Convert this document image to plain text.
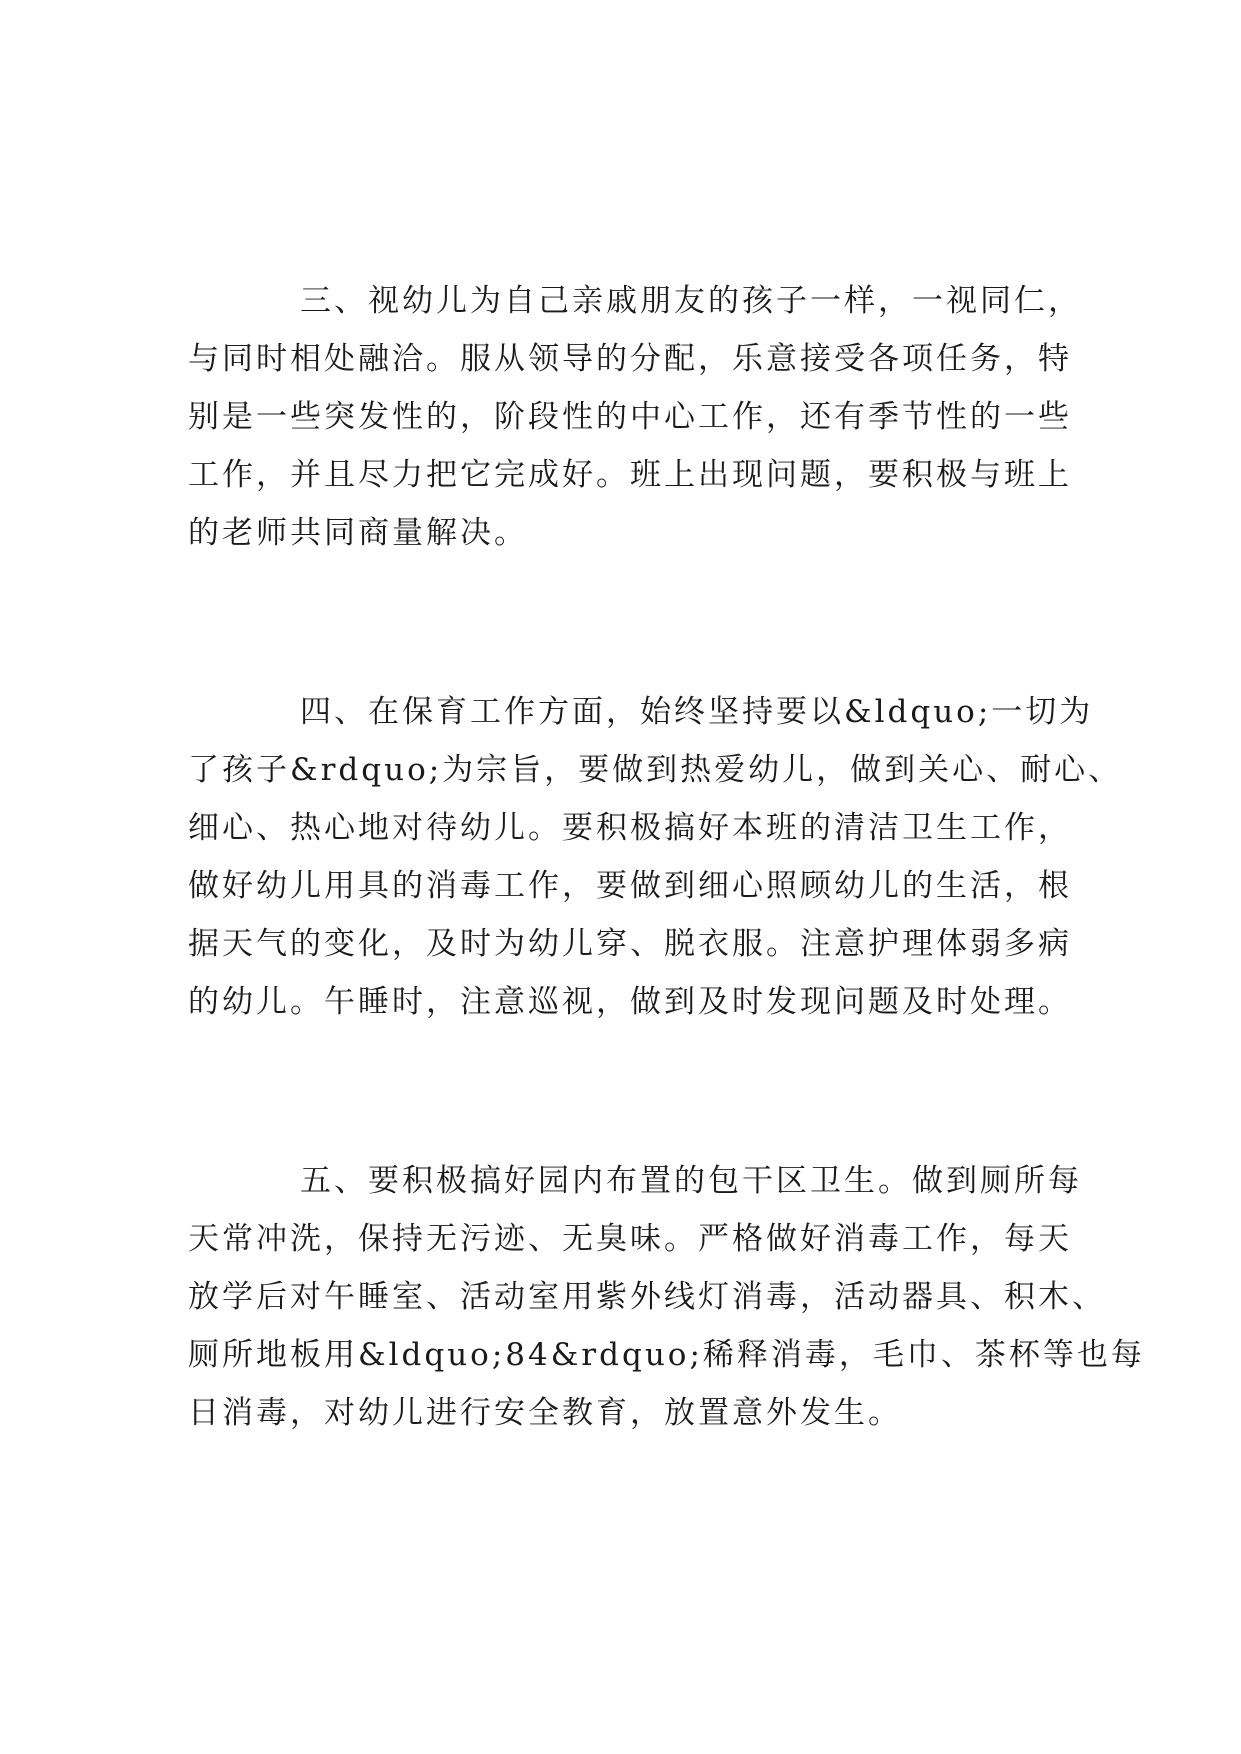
三、视幼儿为自己亲戚朋友的孩子一样，一视同仁，
与同时相处融洽。服从领导的分配，乐意接受各项任务，特
别是一些突发性的，阶段性的中心工作，还有季节性的一些
工作，并且尽力把它完成好。班上出现问题，要积极与班上
的老师共同商量解决。
四、在保育工作方面，始终坚持要以&ldquo;一切为
了孩子&rdquo;为宗旨，要做到热爱幼儿，做到关心、耐心、
细心、热心地对待幼儿。要积极搞好本班的清洁卫生工作，
做好幼儿用具的消毒工作，要做到细心照顾幼儿的生活，根
据天气的变化，及时为幼儿穿、脱衣服。注意护理体弱多病
的幼儿。午睡时，注意巡视，做到及时发现问题及时处理。
五、要积极搞好园内布置的包干区卫生。做到厕所每
天常冲洗，保持无污迹、无臭味。严格做好消毒工作，每天
放学后对午睡室、活动室用紫外线灯消毒，活动器具、积木、
厕所地板用&ldquo;84&rdquo;稀释消毒，毛巾、茶杯等也每
日消毒，对幼儿进行安全教育，放置意外发生。
